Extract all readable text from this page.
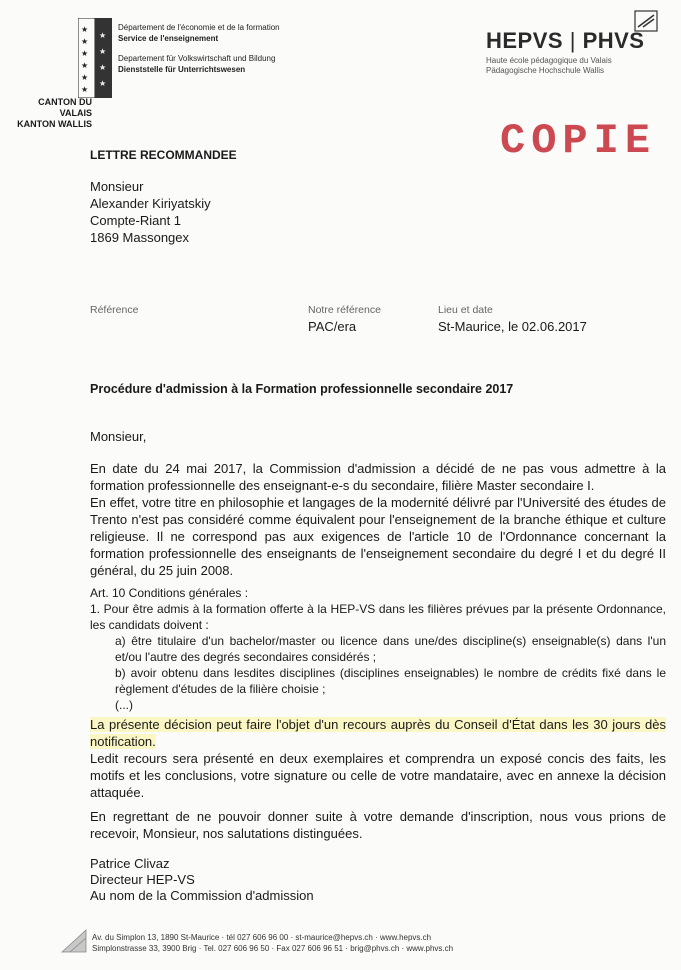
★
★
★
★
★
★
★
★
★
★
Département de l'économie et de la formation
Service de l'enseignement
Departement für Volkswirtschaft und Bildung
Dienststelle für Unterrichtswesen
CANTON DU VALAIS
KANTON WALLIS
HEPVS | PHVS
Haute école pédagogique du Valais
Pädagogische Hochschule Wallis
COPIE
LETTRE RECOMMANDEE
Monsieur
Alexander Kiriyatskiy
Compte-Riant 1
1869 Massongex
Référence	Notre référence
PAC/era
Lieu et date
St-Maurice, le 02.06.2017
Procédure d'admission à la Formation professionnelle secondaire 2017
Monsieur,

En date du 24 mai 2017, la Commission d'admission a décidé de ne pas vous admettre à la formation professionnelle des enseignant-e-s du secondaire, filière Master secondaire I.

En effet, votre titre en philosophie et langages de la modernité délivré par l'Université des études de Trento n'est pas considéré comme équivalent pour l'enseignement de la branche éthique et culture religieuse. Il ne correspond pas aux exigences de l'article 10 de l'Ordonnance concernant la formation professionnelle des enseignants de l'enseignement secondaire du degré I et du degré II général, du 25 juin 2008.

Art. 10 Conditions générales :

1. Pour être admis à la formation offerte à la HEP-VS dans les filières prévues par la présente Ordonnance, les candidats doivent :

a) être titulaire d'un bachelor/master ou licence dans une/des discipline(s) enseignable(s) dans l'un et/ou l'autre des degrés secondaires considérés ;

b) avoir obtenu dans lesdites disciplines (disciplines enseignables) le nombre de crédits fixé dans le règlement d'études de la filière choisie ;

(...)

La présente décision peut faire l'objet d'un recours auprès du Conseil d'État dans les 30 jours dès notification.

Ledit recours sera présenté en deux exemplaires et comprendra un exposé concis des faits, les motifs et les conclusions, votre signature ou celle de votre mandataire, avec en annexe la décision attaquée.

En regrettant de ne pouvoir donner suite à votre demande d'inscription, nous vous prions de recevoir, Monsieur, nos salutations distinguées.
Patrice Clivaz
Directeur HEP-VS
Au nom de la Commission d'admission
Av. du Simplon 13, 1890 St-Maurice · tél 027 606 96 00 · st-maurice@hepvs.ch · www.hepvs.ch
Simplonstrasse 33, 3900 Brig · Tel. 027 606 96 50 · Fax 027 606 96 51 · brig@phvs.ch · www.phvs.ch
